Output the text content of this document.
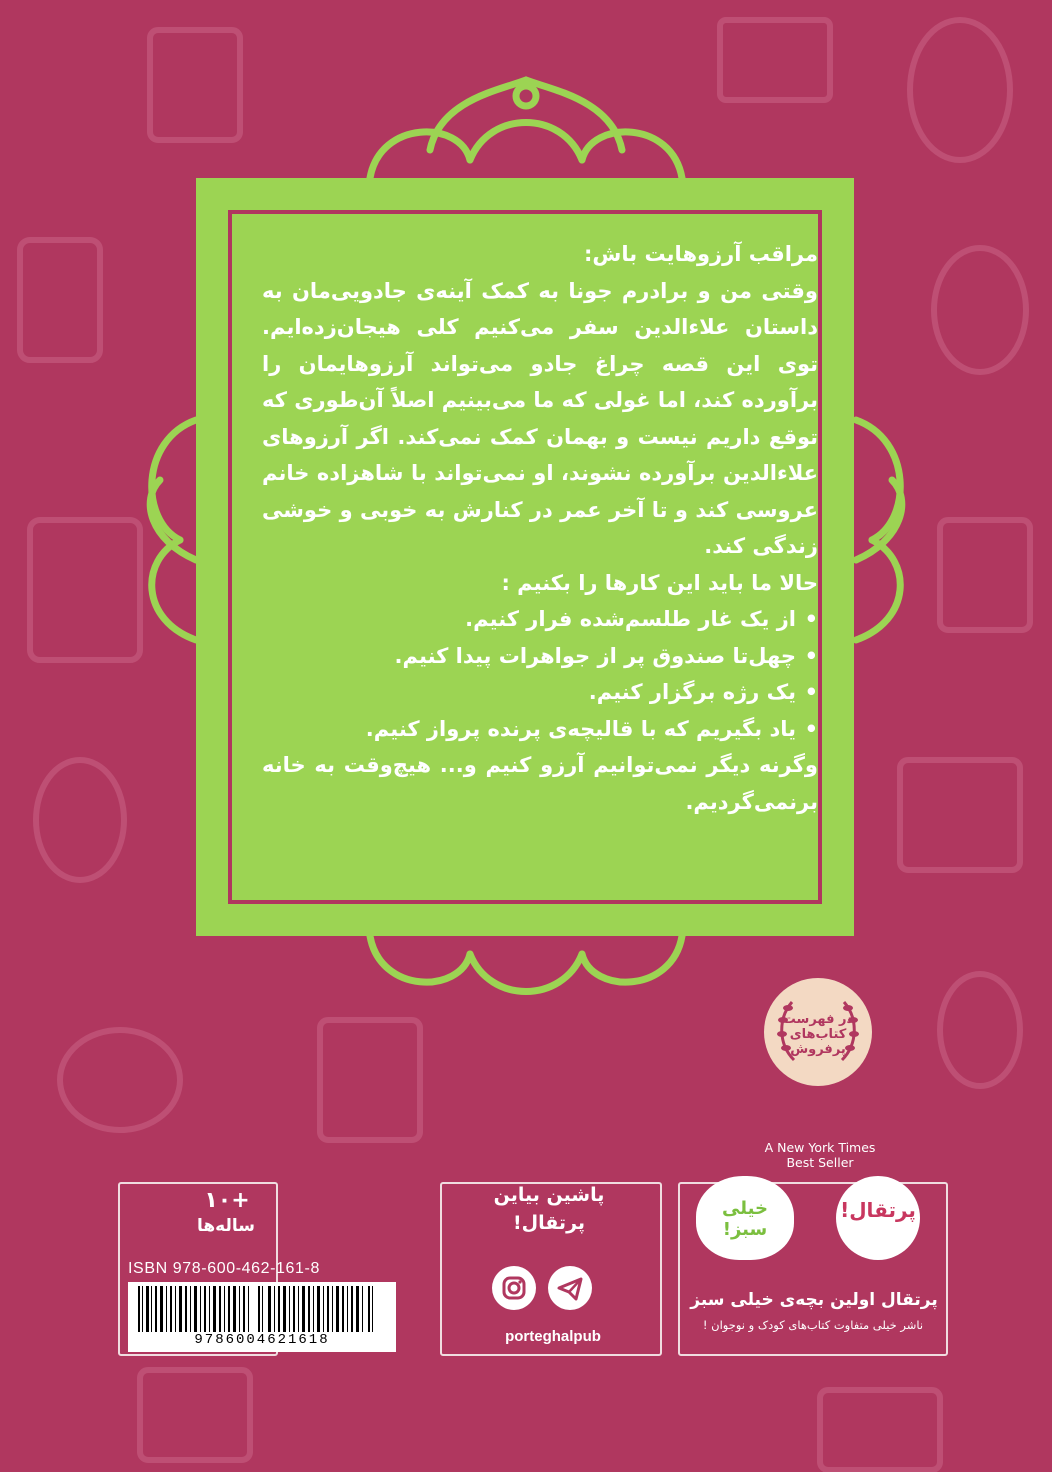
مراقب آرزوهایت باش:

وقتی من و برادرم جونا به کمک آینه‌ی جادویی‌مان به داستان علاءالدین سفر می‌کنیم کلی هیجان‌زده‌ایم. توی این قصه چراغ جادو می‌تواند آرزوهایمان را برآورده کند، اما غولی که ما می‌بینیم اصلاً آن‌طوری که توقع داریم نیست و بهمان کمک نمی‌کند. اگر آرزوهای علاءالدین برآورده نشوند، او نمی‌تواند با شاهزاده خانم عروسی کند و تا آخر عمر در کنارش به خوبی و خوشی زندگی کند.

حالا ما باید این کارها را بکنیم :

• از یک غار طلسم‌شده فرار کنیم.
• چهل‌تا صندوق پر از جواهرات پیدا کنیم.
• یک رژه برگزار کنیم.
• یاد بگیریم که با قالیچه‌ی پرنده پرواز کنیم.

وگرنه دیگر نمی‌توانیم آرزو کنیم و... هیچ‌وقت به خانه برنمی‌گردیم.

در فهرست کتاب‌های پرفروش
A New York Times
Best Seller
+۱۰
ساله‌ها
ISBN 978-600-462-161-8
9786004621618
پاشین بیاین
پرتقال!
porteghalpub
پرتقال!
خیلی سبز!
پرتقال اولین بچه‌ی خیلی سبز
ناشر خیلی متفاوت کتاب‌های کودک و نوجوان !
